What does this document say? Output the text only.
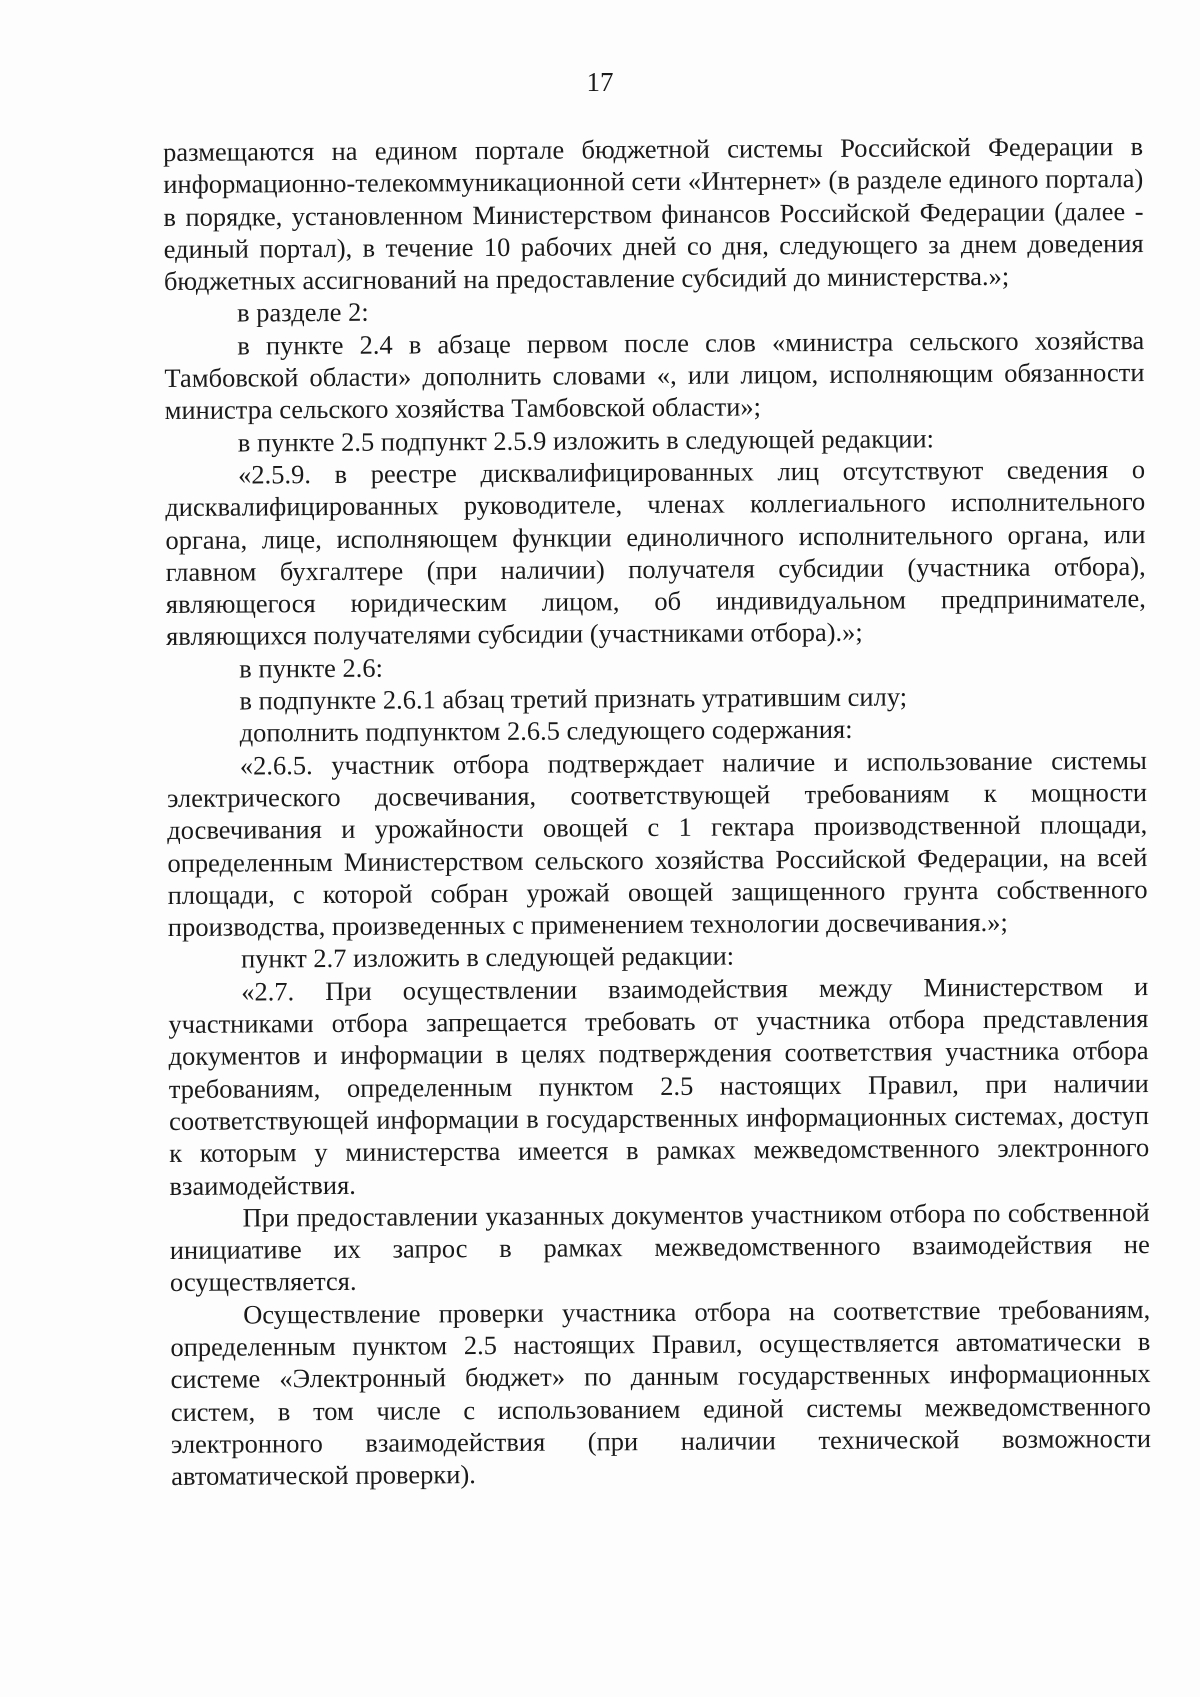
17

размещаются на едином портале бюджетной системы Российской Федерации в информационно-телекоммуникационной сети «Интернет» (в разделе единого портала) в порядке, установленном Министерством финансов Российской Федерации (далее - единый портал), в течение 10 рабочих дней со дня, следующего за днем доведения бюджетных ассигнований на предоставление субсидий до министерства.»;

в разделе 2:

в пункте 2.4 в абзаце первом после слов «министра сельского хозяйства Тамбовской области» дополнить словами «, или лицом, исполняющим обязанности министра сельского хозяйства Тамбовской области»;

в пункте 2.5 подпункт 2.5.9 изложить в следующей редакции:

«2.5.9. в реестре дисквалифицированных лиц отсутствуют сведения о дисквалифицированных руководителе, членах коллегиального исполнительного органа, лице, исполняющем функции единоличного исполнительного органа, или главном бухгалтере (при наличии) получателя субсидии (участника отбора), являющегося юридическим лицом, об индивидуальном предпринимателе, являющихся получателями субсидии (участниками отбора).»;

в пункте 2.6:

в подпункте 2.6.1 абзац третий признать утратившим силу;

дополнить подпунктом 2.6.5 следующего содержания:

«2.6.5. участник отбора подтверждает наличие и использование системы электрического досвечивания, соответствующей требованиям к мощности досвечивания и урожайности овощей с 1 гектара производственной площади, определенным Министерством сельского хозяйства Российской Федерации, на всей площади, с которой собран урожай овощей защищенного грунта собственного производства, произведенных с применением технологии досвечивания.»;

пункт 2.7 изложить в следующей редакции:

«2.7. При осуществлении взаимодействия между Министерством и участниками отбора запрещается требовать от участника отбора представления документов и информации в целях подтверждения соответствия участника отбора требованиям, определенным пунктом 2.5 настоящих Правил, при наличии соответствующей информации в государственных информационных системах, доступ к которым у министерства имеется в рамках межведомственного электронного взаимодействия.

При предоставлении указанных документов участником отбора по собственной инициативе их запрос в рамках межведомственного взаимодействия не осуществляется.

Осуществление проверки участника отбора на соответствие требованиям, определенным пунктом 2.5 настоящих Правил, осуществляется автоматически в системе «Электронный бюджет» по данным государственных информационных систем, в том числе с использованием единой системы межведомственного электронного взаимодействия (при наличии технической возможности автоматической проверки).
